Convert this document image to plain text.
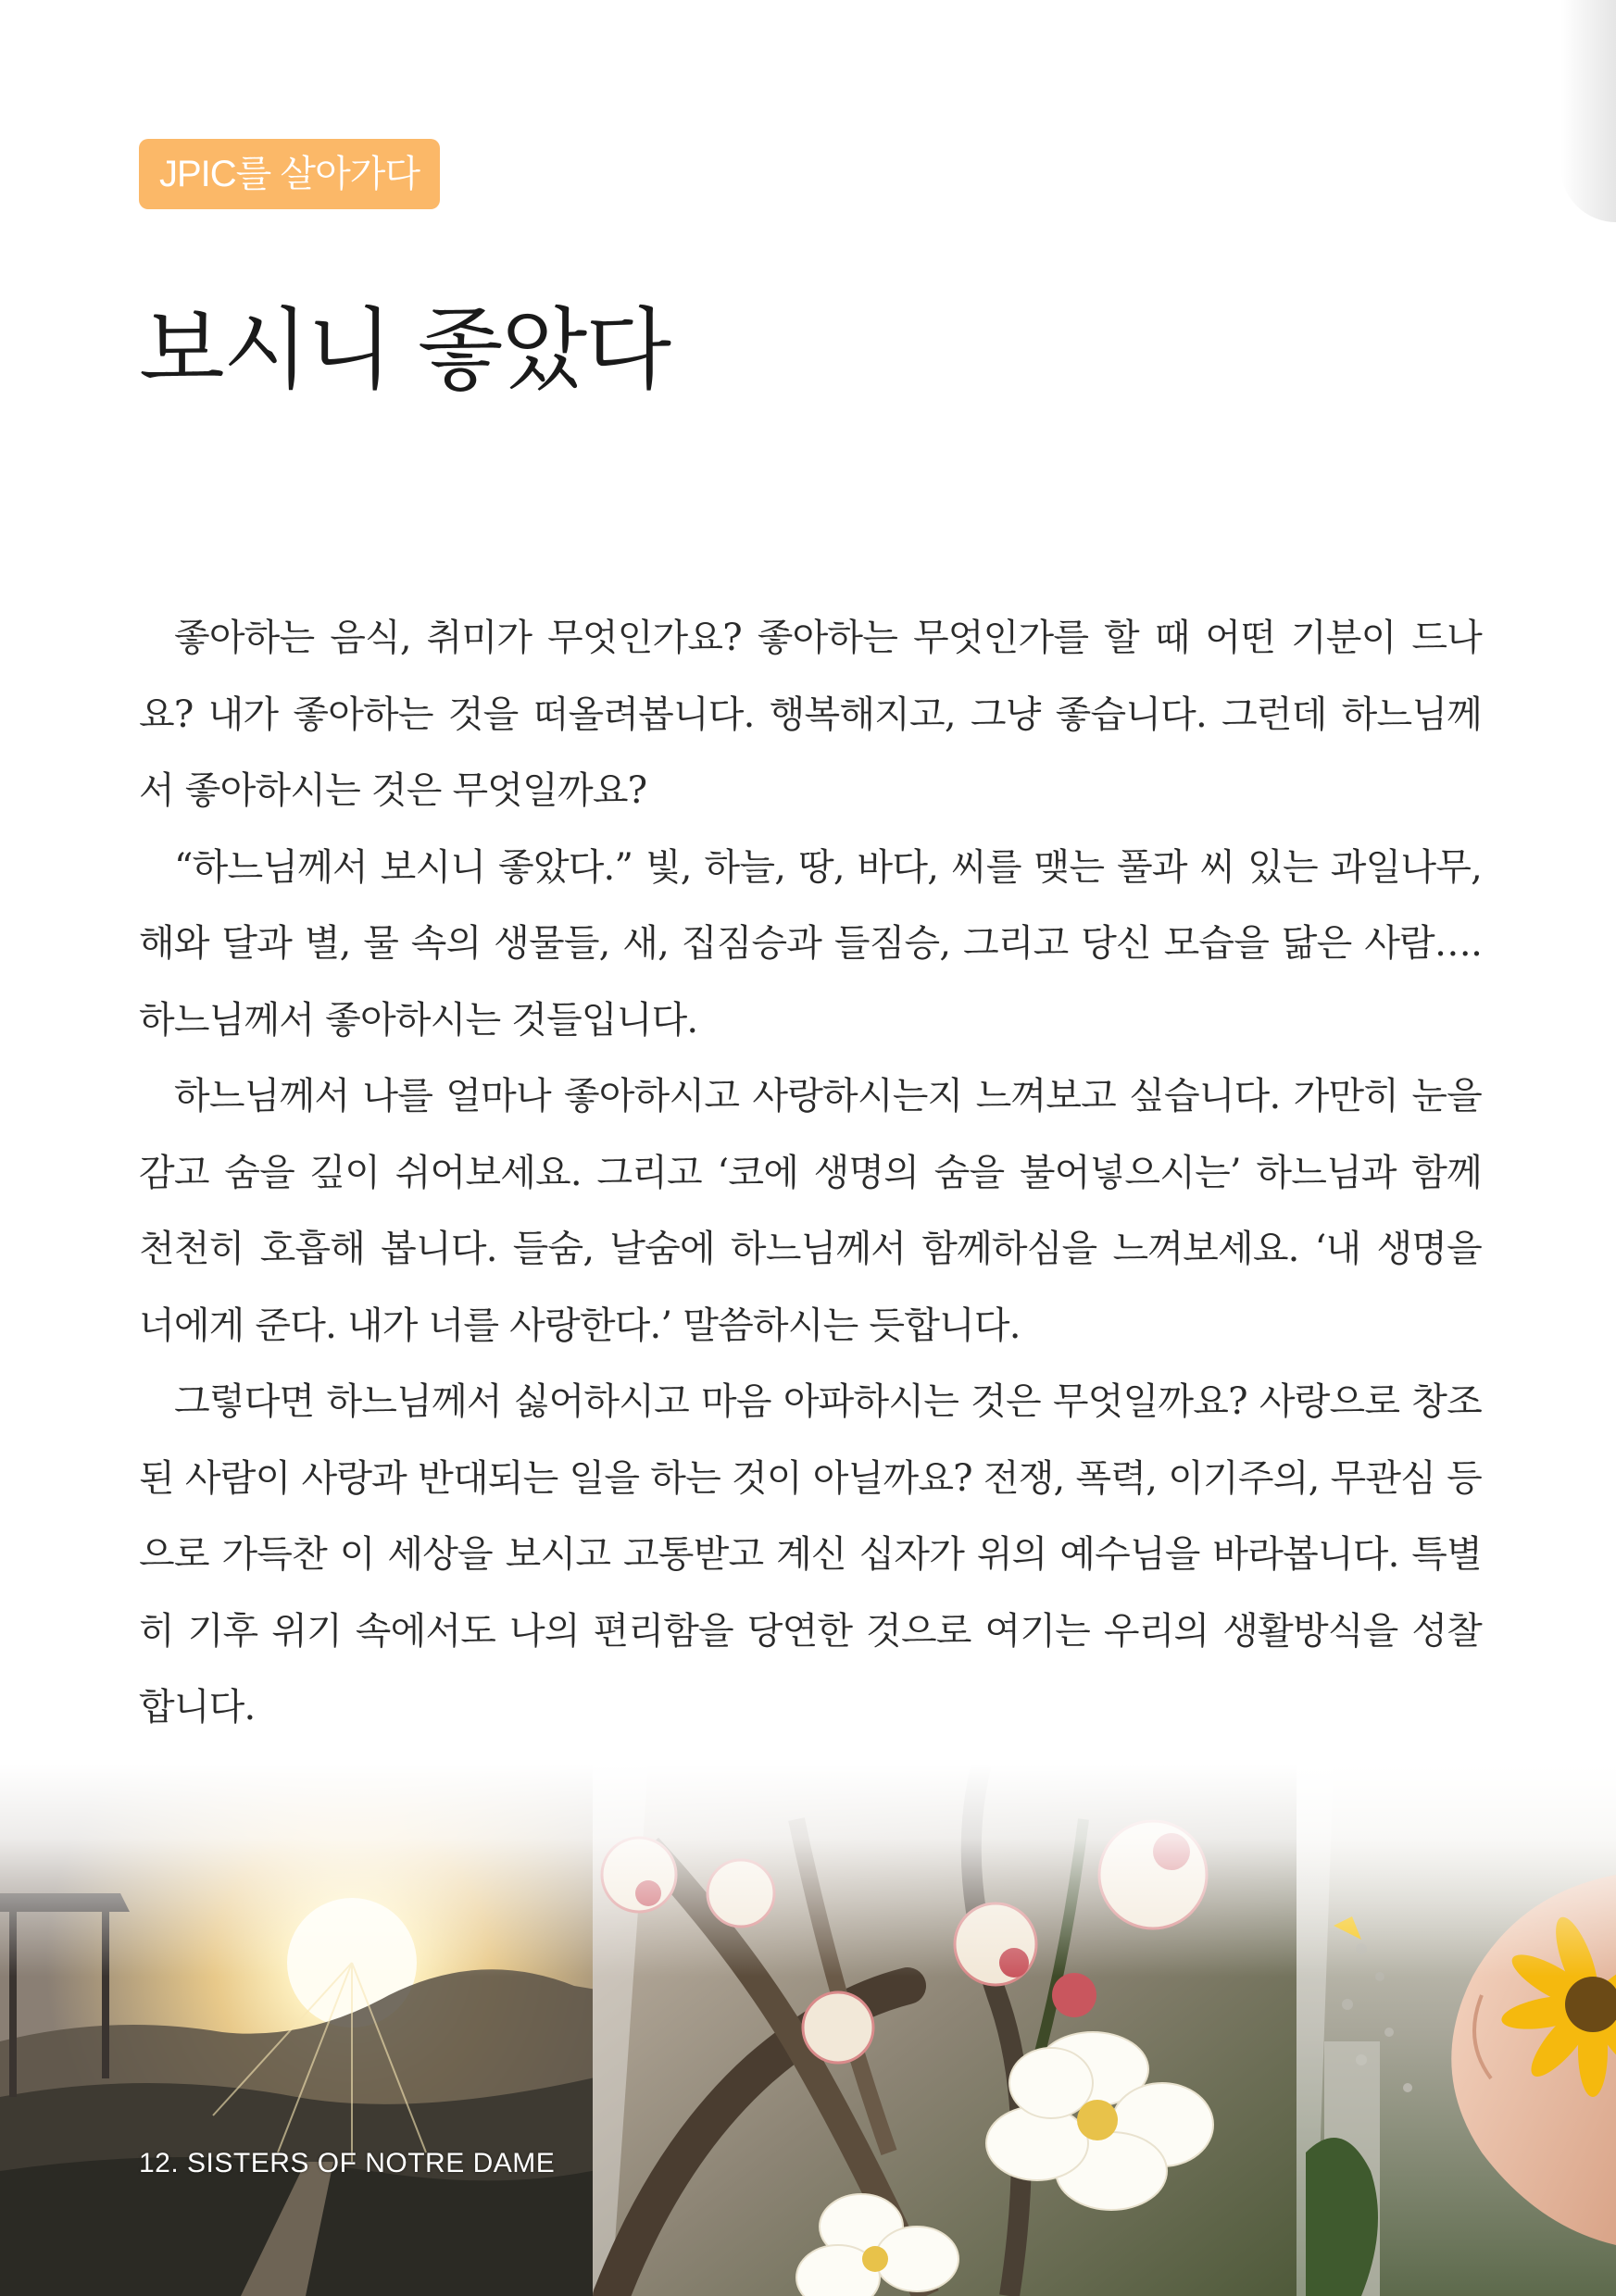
JPIC를 살아가다
보시니 좋았다

좋아하는 음식, 취미가 무엇인가요? 좋아하는 무엇인가를 할 때 어떤 기분이 드나요? 내가 좋아하는 것을 떠올려봅니다. 행복해지고, 그냥 좋습니다. 그런데 하느님께서 좋아하시는 것은 무엇일까요?

“하느님께서 보시니 좋았다.” 빛, 하늘, 땅, 바다, 씨를 맺는 풀과 씨 있는 과일나무, 해와 달과 별, 물 속의 생물들, 새, 집짐승과 들짐승, 그리고 당신 모습을 닮은 사람…. 하느님께서 좋아하시는 것들입니다.

하느님께서 나를 얼마나 좋아하시고 사랑하시는지 느껴보고 싶습니다. 가만히 눈을 감고 숨을 깊이 쉬어보세요. 그리고 ‘코에 생명의 숨을 불어넣으시는’ 하느님과 함께 천천히 호흡해 봅니다. 들숨, 날숨에 하느님께서 함께하심을 느껴보세요. ‘내 생명을 너에게 준다. 내가 너를 사랑한다.’ 말씀하시는 듯합니다.

그렇다면 하느님께서 싫어하시고 마음 아파하시는 것은 무엇일까요? 사랑으로 창조된 사람이 사랑과 반대되는 일을 하는 것이 아닐까요? 전쟁, 폭력, 이기주의, 무관심 등으로 가득찬 이 세상을 보시고 고통받고 계신 십자가 위의 예수님을 바라봅니다. 특별히 기후 위기 속에서도 나의 편리함을 당연한 것으로 여기는 우리의 생활방식을 성찰합니다.

12. SISTERS OF NOTRE DAME
